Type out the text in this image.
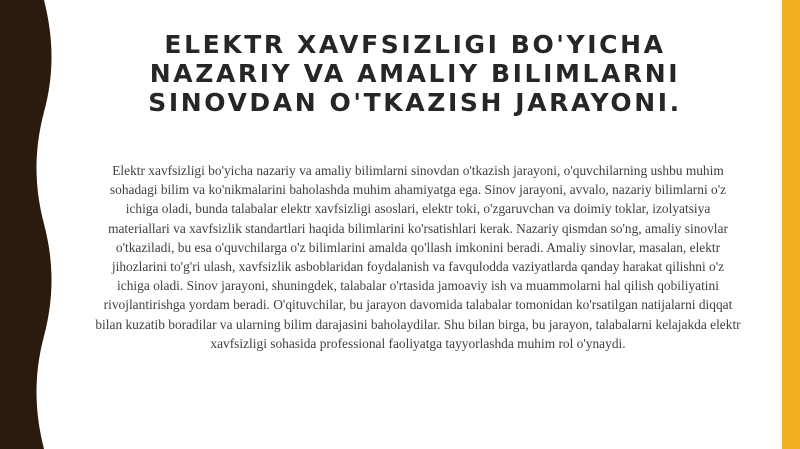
ELEKTR XAVFSIZLIGI BO'YICHA NAZARIY VA AMALIY BILIMLARNI SINOVDAN O'TKAZISH JARAYONI.

Elektr xavfsizligi bo'yicha nazariy va amaliy bilimlarni sinovdan o'tkazish jarayoni, o'quvchilarning ushbu muhim sohadagi bilim va ko'nikmalarini baholashda muhim ahamiyatga ega. Sinov jarayoni, avvalo, nazariy bilimlarni o'z ichiga oladi, bunda talabalar elektr xavfsizligi asoslari, elektr toki, o'zgaruvchan va doimiy toklar, izolyatsiya materiallari va xavfsizlik standartlari haqida bilimlarini ko'rsatishlari kerak. Nazariy qismdan so'ng, amaliy sinovlar o'tkaziladi, bu esa o'quvchilarga o'z bilimlarini amalda qo'llash imkonini beradi. Amaliy sinovlar, masalan, elektr jihozlarini to'g'ri ulash, xavfsizlik asboblaridan foydalanish va favqulodda vaziyatlarda qanday harakat qilishni o'z ichiga oladi. Sinov jarayoni, shuningdek, talabalar o'rtasida jamoaviy ish va muammolarni hal qilish qobiliyatini rivojlantirishga yordam beradi. O'qituvchilar, bu jarayon davomida talabalar tomonidan ko'rsatilgan natijalarni diqqat bilan kuzatib boradilar va ularning bilim darajasini baholaydilar. Shu bilan birga, bu jarayon, talabalarni kelajakda elektr xavfsizligi sohasida professional faoliyatga tayyorlashda muhim rol o'ynaydi.
